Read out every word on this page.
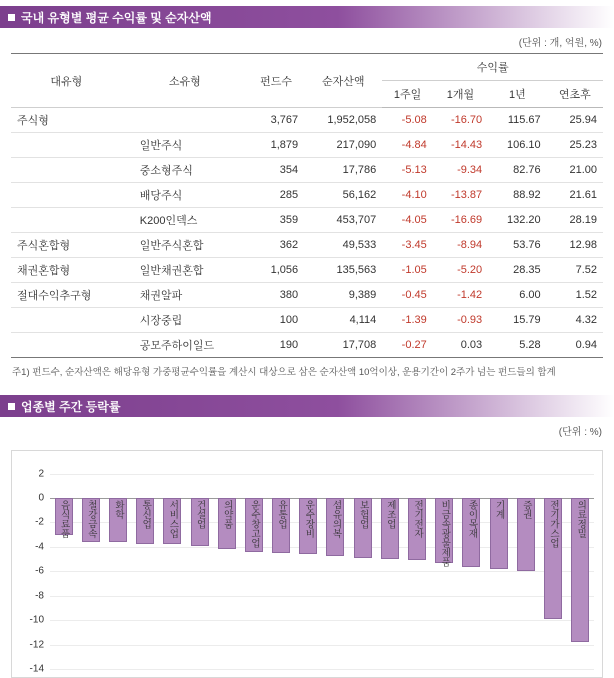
국내 유형별 평균 수익률 및 순자산액
(단위 : 개, 억원, %)
대유형	소유형	펀드수	순자산액	수익률			
				1주일	1개월	1년	연초후
주식형		3,767	1,952,058	-5.08	-16.70	115.67	25.94
	일반주식	1,879	217,090	-4.84	-14.43	106.10	25.23
	중소형주식	354	17,786	-5.13	-9.34	82.76	21.00
	배당주식	285	56,162	-4.10	-13.87	88.92	21.61
	K200인덱스	359	453,707	-4.05	-16.69	132.20	28.19
주식혼합형	일반주식혼합	362	49,533	-3.45	-8.94	53.76	12.98
채권혼합형	일반채권혼합	1,056	135,563	-1.05	-5.20	28.35	7.52
절대수익추구형	채권알파	380	9,389	-0.45	-1.42	6.00	1.52
	시장중립	100	4,114	-1.39	-0.93	15.79	4.32
	공모주하이일드	190	17,708	-0.27	0.03	5.28	0.94
주1) 펀드수, 순자산액은 해당유형 가중평균수익률을 계산시 대상으로 삼은 순자산액 10억이상, 운용기간이 2주가 넘는 펀드들의 합계
업종별 주간 등락률
(단위 : %)
2
0
-2
-4
-6
-8
-10
-12
-14
음식료품 철강금속 화학 통신업 서비스업 건설업 의약품 운수창고업 유통업 운수장비 섬유의복 보험업 제조업 전기전자 비금속광물제품 종이목재 기계 증권 전기가스업 의료정밀
